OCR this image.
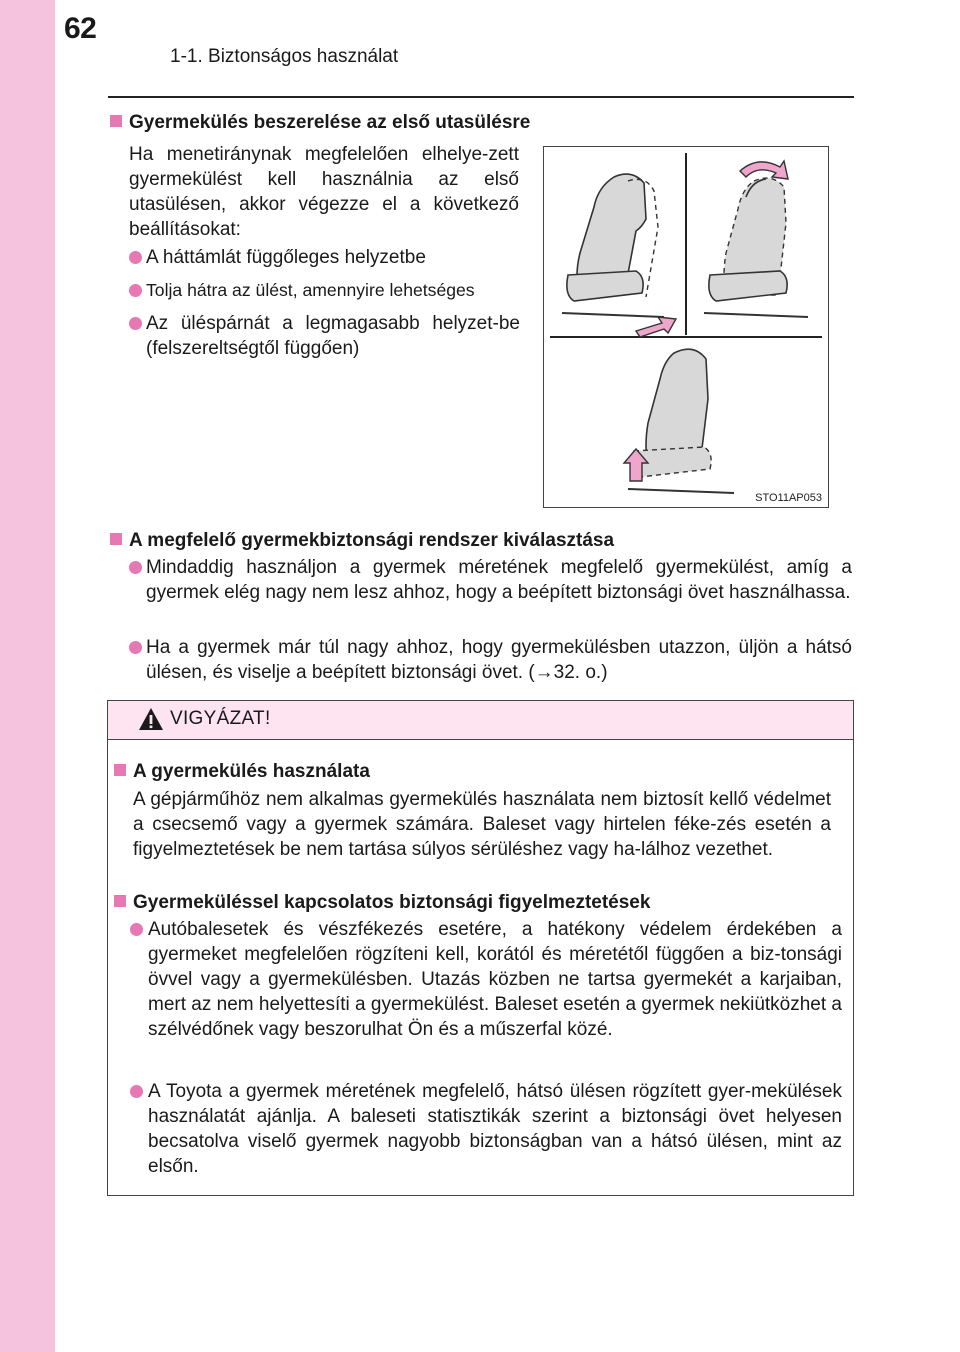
62
1-1. Biztonságos használat
Gyermekülés beszerelése az első utasülésre
Ha menetiránynak megfelelően elhelye-zett gyermekülést kell használnia az első utasülésen, akkor végezze el a következő beállításokat:
A háttámlát függőleges helyzetbe
Tolja hátra az ülést, amennyire lehetséges
Az üléspárnát a legmagasabb helyzet-be (felszereltségtől függően)
STO11AP053
A megfelelő gyermekbiztonsági rendszer kiválasztása
Mindaddig használjon a gyermek méretének megfelelő gyermekülést, amíg a gyermek elég nagy nem lesz ahhoz, hogy a beépített biztonsági övet használhassa.
Ha a gyermek már túl nagy ahhoz, hogy gyermekülésben utazzon, üljön a hátsó ülésen, és viselje a beépített biztonsági övet. (→32. o.)
VIGYÁZAT!
A gyermekülés használata
A gépjárműhöz nem alkalmas gyermekülés használata nem biztosít kellő védelmet a csecsemő vagy a gyermek számára. Baleset vagy hirtelen féke-zés esetén a figyelmeztetések be nem tartása súlyos sérüléshez vagy ha-lálhoz vezethet.
Gyermeküléssel kapcsolatos biztonsági figyelmeztetések
Autóbalesetek és vészfékezés esetére, a hatékony védelem érdekében a gyermeket megfelelően rögzíteni kell, korától és méretétől függően a biz-tonsági övvel vagy a gyermekülésben. Utazás közben ne tartsa gyermekét a karjaiban, mert az nem helyettesíti a gyermekülést. Baleset esetén a gyermek nekiütközhet a szélvédőnek vagy beszorulhat Ön és a műszerfal közé.
A Toyota a gyermek méretének megfelelő, hátsó ülésen rögzített gyer-mekülések használatát ajánlja. A baleseti statisztikák szerint a biztonsági övet helyesen becsatolva viselő gyermek nagyobb biztonságban van a hátsó ülésen, mint az elsőn.
